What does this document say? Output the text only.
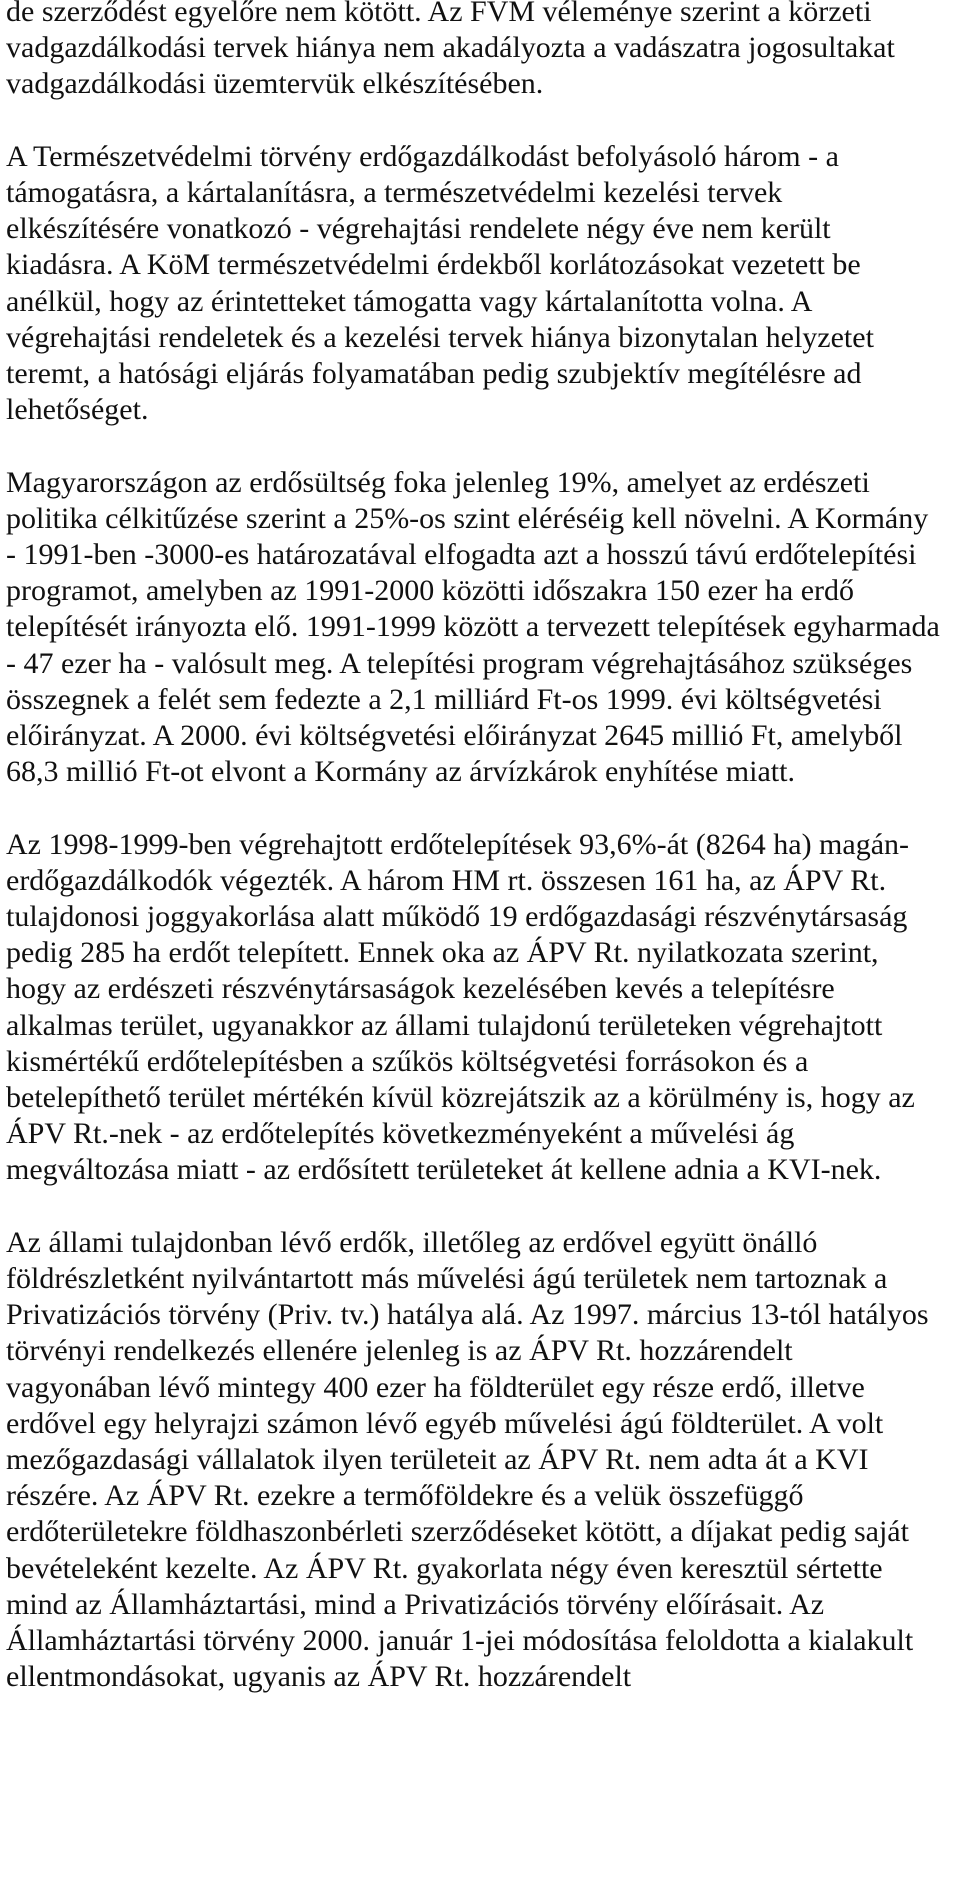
de szerződést egyelőre nem kötött. Az FVM véleménye szerint a körzeti vadgazdálkodási tervek hiánya nem akadályozta a vadászatra jogosultakat vadgazdálkodási üzemtervük elkészítésében.

A Természetvédelmi törvény erdőgazdálkodást befolyásoló három - a támogatásra, a kártalanításra, a természetvédelmi kezelési tervek elkészítésére vonatkozó - végrehajtási rendelete négy éve nem került kiadásra. A KöM természetvédelmi érdekből korlátozásokat vezetett be anélkül, hogy az érintetteket támogatta vagy kártalanította volna. A végrehajtási rendeletek és a kezelési tervek hiánya bizonytalan helyzetet teremt, a hatósági eljárás folyamatában pedig szubjektív megítélésre ad lehetőséget.

Magyarországon az erdősültség foka jelenleg 19%, amelyet az erdészeti politika célkitűzése szerint a 25%-os szint eléréséig kell növelni. A Kormány - 1991-ben -3000-es határozatával elfogadta azt a hosszú távú erdőtelepítési programot, amelyben az 1991-2000 közötti időszakra 150 ezer ha erdő telepítését irányozta elő. 1991-1999 között a tervezett telepítések egyharmada - 47 ezer ha - valósult meg. A telepítési program végrehajtásához szükséges összegnek a felét sem fedezte a 2,1 milliárd Ft-os 1999. évi költségvetési előirányzat. A 2000. évi költségvetési előirányzat 2645 millió Ft, amelyből 68,3 millió Ft-ot elvont a Kormány az árvízkárok enyhítése miatt.

Az 1998-1999-ben végrehajtott erdőtelepítések 93,6%-át (8264 ha) magán-erdőgazdálkodók végezték. A három HM rt. összesen 161 ha, az ÁPV Rt. tulajdonosi joggyakorlása alatt működő 19 erdőgazdasági részvénytársaság pedig 285 ha erdőt telepített. Ennek oka az ÁPV Rt. nyilatkozata szerint, hogy az erdészeti részvénytársaságok kezelésében kevés a telepítésre alkalmas terület, ugyanakkor az állami tulajdonú területeken végrehajtott kismértékű erdőtelepítésben a szűkös költségvetési forrásokon és a betelepíthető terület mértékén kívül közrejátszik az a körülmény is, hogy az ÁPV Rt.-nek - az erdőtelepítés következményeként a művelési ág megváltozása miatt - az erdősített területeket át kellene adnia a KVI-nek.

Az állami tulajdonban lévő erdők, illetőleg az erdővel együtt önálló földrészletként nyilvántartott más művelési ágú területek nem tartoznak a Privatizációs törvény (Priv. tv.) hatálya alá. Az 1997. március 13-tól hatályos törvényi rendelkezés ellenére jelenleg is az ÁPV Rt. hozzárendelt vagyonában lévő mintegy 400 ezer ha földterület egy része erdő, illetve erdővel egy helyrajzi számon lévő egyéb művelési ágú földterület. A volt mezőgazdasági vállalatok ilyen területeit az ÁPV Rt. nem adta át a KVI részére. Az ÁPV Rt. ezekre a termőföldekre és a velük összefüggő erdőterületekre földhaszonbérleti szerződéseket kötött, a díjakat pedig saját bevételeként kezelte. Az ÁPV Rt. gyakorlata négy éven keresztül sértette mind az Államháztartási, mind a Privatizációs törvény előírásait. Az Államháztartási törvény 2000. január 1-jei módosítása feloldotta a kialakult ellentmondásokat, ugyanis az ÁPV Rt. hozzárendelt
